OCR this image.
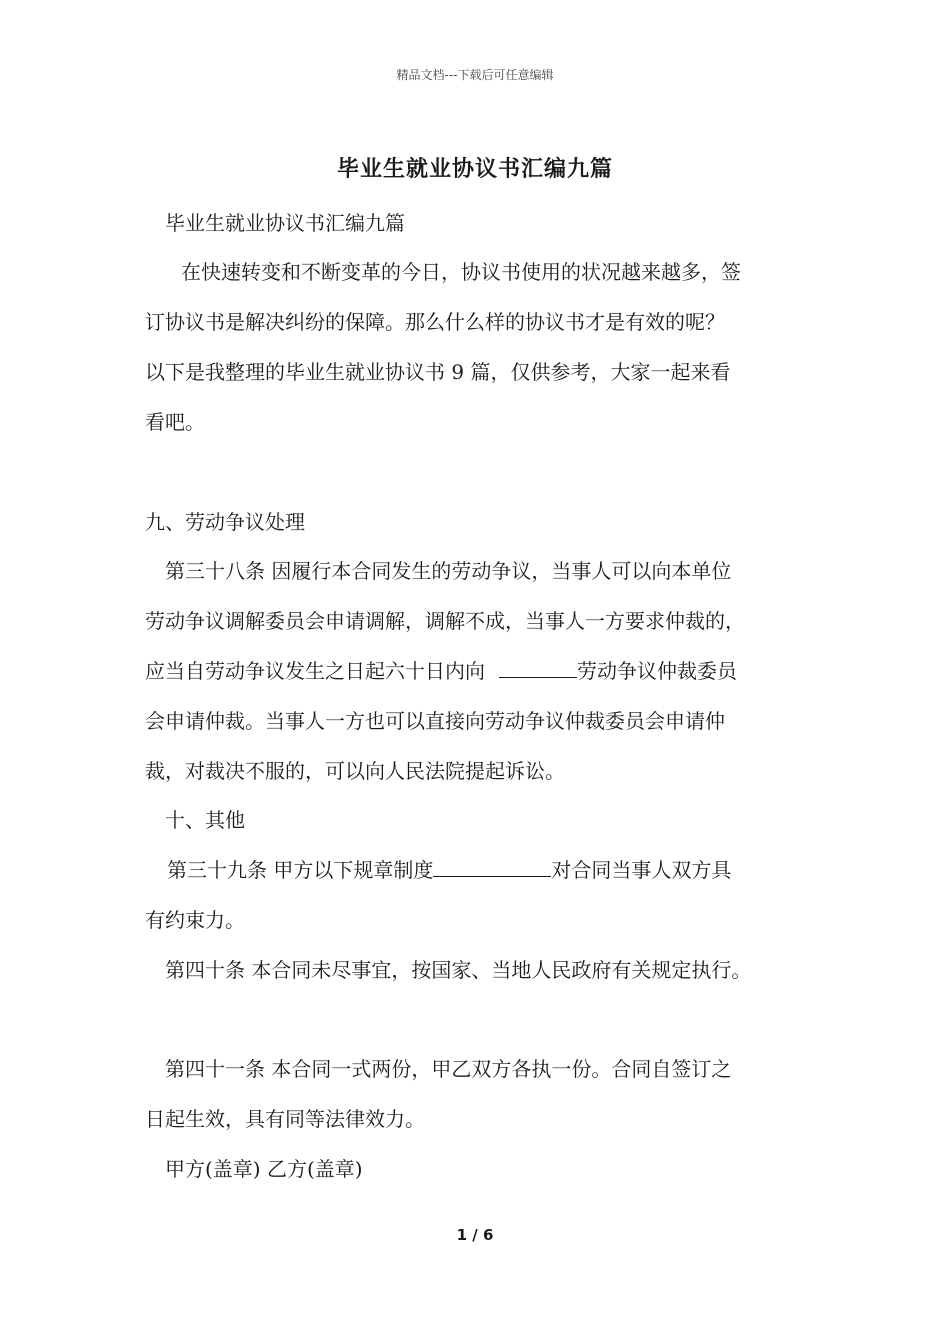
精品文档---下载后可任意编辑
毕业生就业协议书汇编九篇
毕业生就业协议书汇编九篇
在快速转变和不断变革的今日，协议书使用的状况越来越多，签
订协议书是解决纠纷的保障。那么什么样的协议书才是有效的呢？
以下是我整理的毕业生就业协议书 9 篇，仅供参考，大家一起来看
看吧。
九、劳动争议处理
第三十八条 因履行本合同发生的劳动争议，当事人可以向本单位
劳动争议调解委员会申请调解，调解不成，当事人一方要求仲裁的，
应当自劳动争议发生之日起六十日内向	劳动争议仲裁委员
会申请仲裁。当事人一方也可以直接向劳动争议仲裁委员会申请仲
裁，对裁决不服的，可以向人民法院提起诉讼。
十、其他
第三十九条 甲方以下规章制度	对合同当事人双方具
有约束力。
第四十条 本合同未尽事宜，按国家、当地人民政府有关规定执行。
第四十一条 本合同一式两份，甲乙双方各执一份。合同自签订之
日起生效，具有同等法律效力。
甲方(盖章) 乙方(盖章)
1 / 6
